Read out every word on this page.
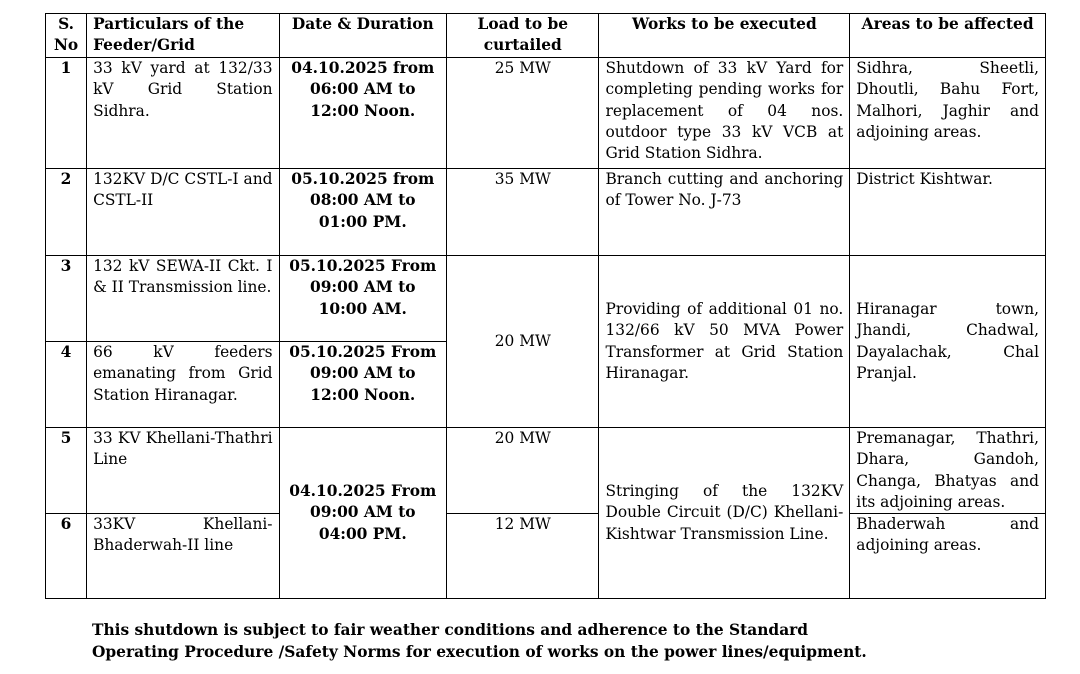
S. No	Particulars of the Feeder/Grid	Date & Duration	Load to be curtailed	Works to be executed	Areas to be affected
1	33 kV yard at 132/33 kV Grid Station Sidhra.	04.10.2025 from 06:00 AM to 12:00 Noon.	25 MW	Shutdown of 33 kV Yard for completing pending works for replacement of 04 nos. outdoor type 33 kV VCB at Grid Station Sidhra.	Sidhra, Sheetli, Dhoutli, Bahu Fort, Malhori, Jaghir and adjoining areas.
2	132KV D/C CSTL-I and CSTL-II	05.10.2025 from 08:00 AM to 01:00 PM.	35 MW	Branch cutting and anchoring of Tower No. J-73	District Kishtwar.
3	132 kV SEWA-II Ckt. I & II Transmission line.	05.10.2025 From 09:00 AM to 10:00 AM.	20 MW	Providing of additional 01 no. 132/66 kV 50 MVA Power Transformer at Grid Station Hiranagar.	Hiranagar town, Jhandi, Chadwal, Dayalachak, Chal Pranjal.
4	66 kV feeders emanating from Grid Station Hiranagar.	05.10.2025 From 09:00 AM to 12:00 Noon.			
5	33 KV Khellani-Thathri Line	04.10.2025 From 09:00 AM to 04:00 PM.	20 MW	Stringing of the 132KV Double Circuit (D/C) Khellani-Kishtwar Transmission Line.	Premanagar, Thathri, Dhara, Gandoh, Changa, Bhatyas and its adjoining areas.
6	33KV Khellani-Bhaderwah-II line		12 MW		Bhaderwah and adjoining areas.
This shutdown is subject to fair weather conditions and adherence to the Standard
Operating Procedure /Safety Norms for execution of works on the power lines/equipment.
